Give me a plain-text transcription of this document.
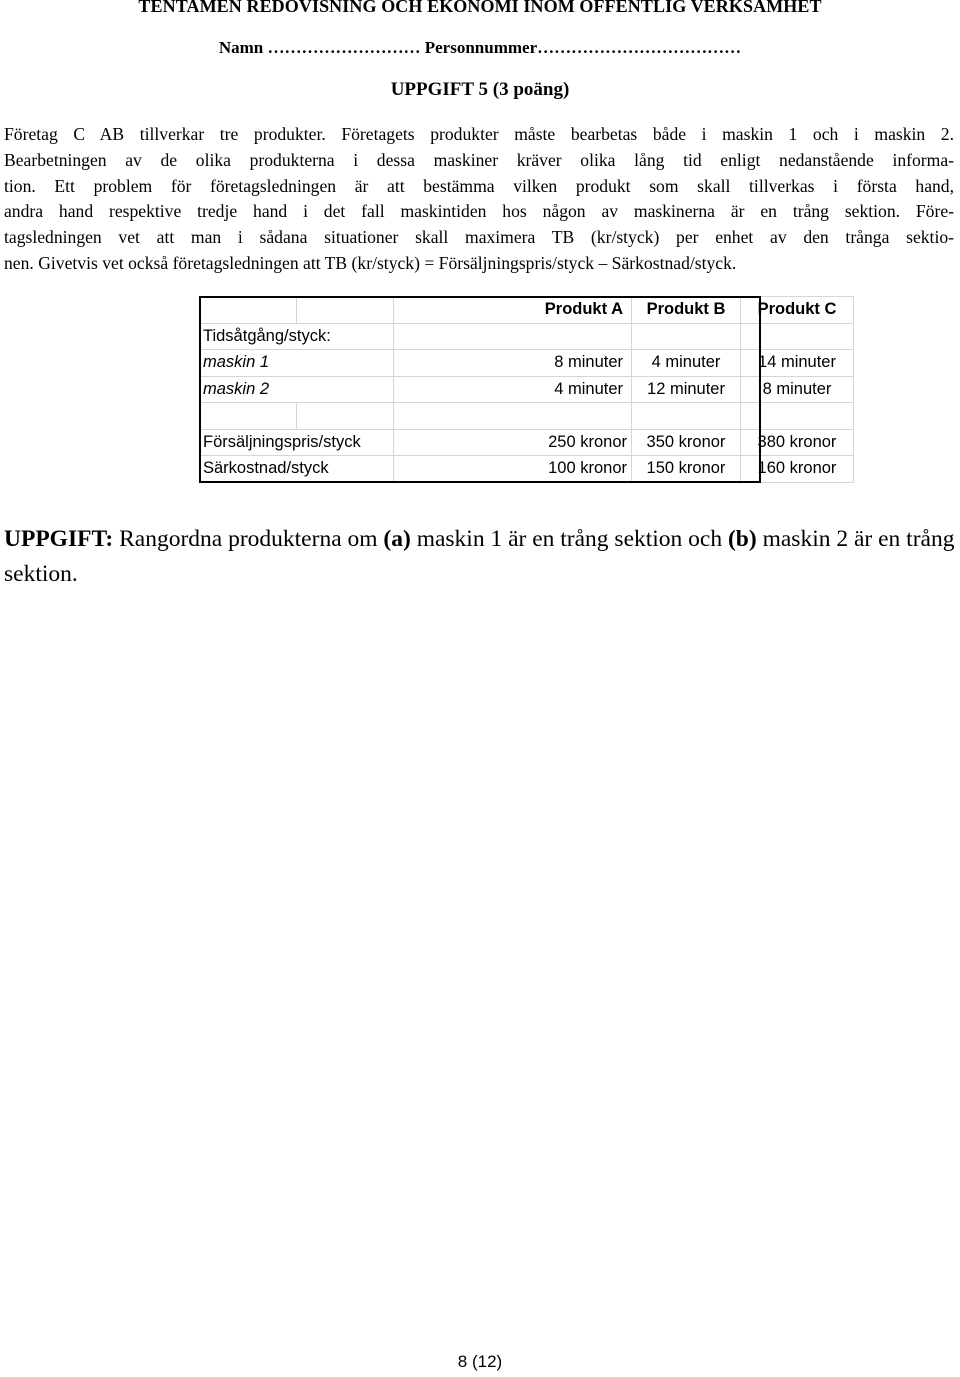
TENTAMEN REDOVISNING OCH EKONOMI INOM OFFENTLIG VERKSAMHET
Namn ……………………… Personnummer………………………………
UPPGIFT 5 (3 poäng)
Företag C AB tillverkar tre produkter. Företagets produkter måste bearbetas både i maskin 1 och i maskin 2.
Bearbetningen av de olika produkterna i dessa maskiner kräver olika lång tid enligt nedanstående informa-
tion. Ett problem för företagsledningen är att bestämma vilken produkt som skall tillverkas i första hand,
andra hand respektive tredje hand i det fall maskintiden hos någon av maskinerna är en trång sektion. Före-
tagsledningen vet att man i sådana situationer skall maximera TB (kr/styck) per enhet av den trånga sektio-
nen. Givetvis vet också företagsledningen att TB (kr/styck) = Försäljningspris/styck – Särkostnad/styck.
		Produkt A	Produkt B	Produkt C
Tidsåtgång/styck:				
maskin 1		8 minuter	4 minuter	14 minuter
maskin 2		4 minuter	12 minuter	8 minuter

Försäljningspris/styck		250 kronor	350 kronor	380 kronor
Särkostnad/styck		100 kronor	150 kronor	160 kronor
UPPGIFT: Rangordna produkterna om (a) maskin 1 är en trång sektion och (b) maskin 2 är en trång sektion.
8 (12)
